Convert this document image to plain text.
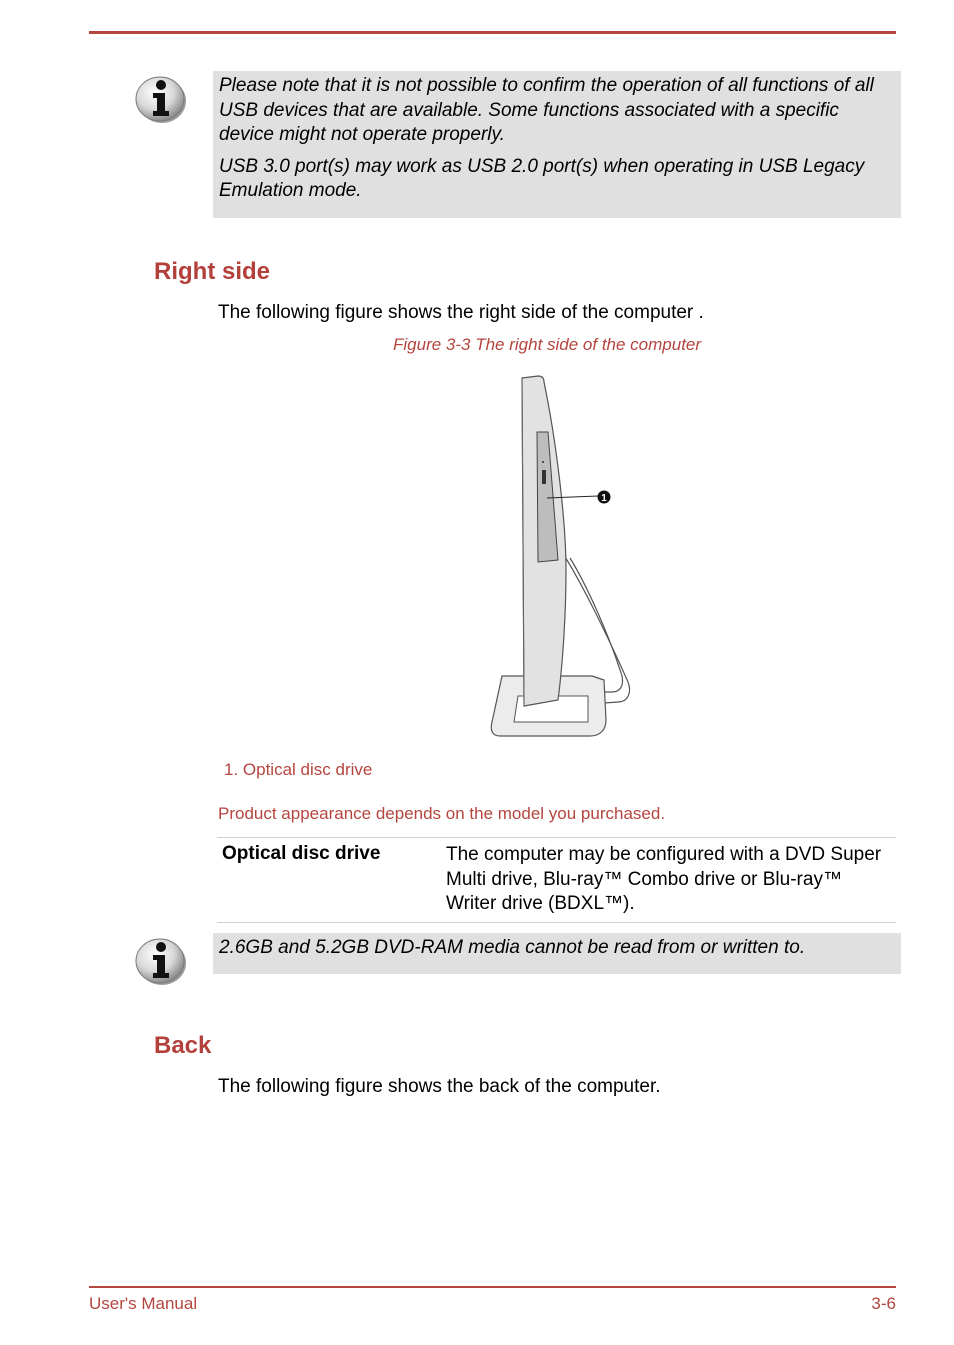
Please note that it is not possible to confirm the operation of all functions of all USB devices that are available. Some functions associated with a specific device might not operate properly.

USB 3.0 port(s) may work as USB 2.0 port(s) when operating in USB Legacy Emulation mode.

Right side

The following figure shows the right side of the computer .

Figure 3-3 The right side of the computer

1

1. Optical disc drive

Product appearance depends on the model you purchased.

Optical disc drive	The computer may be configured with a DVD Super Multi drive, Blu-ray™ Combo drive or Blu-ray™ Writer drive (BDXL™).

2.6GB and 5.2GB DVD-RAM media cannot be read from or written to.

Back

The following figure shows the back of the computer.

User's Manual	3-6
